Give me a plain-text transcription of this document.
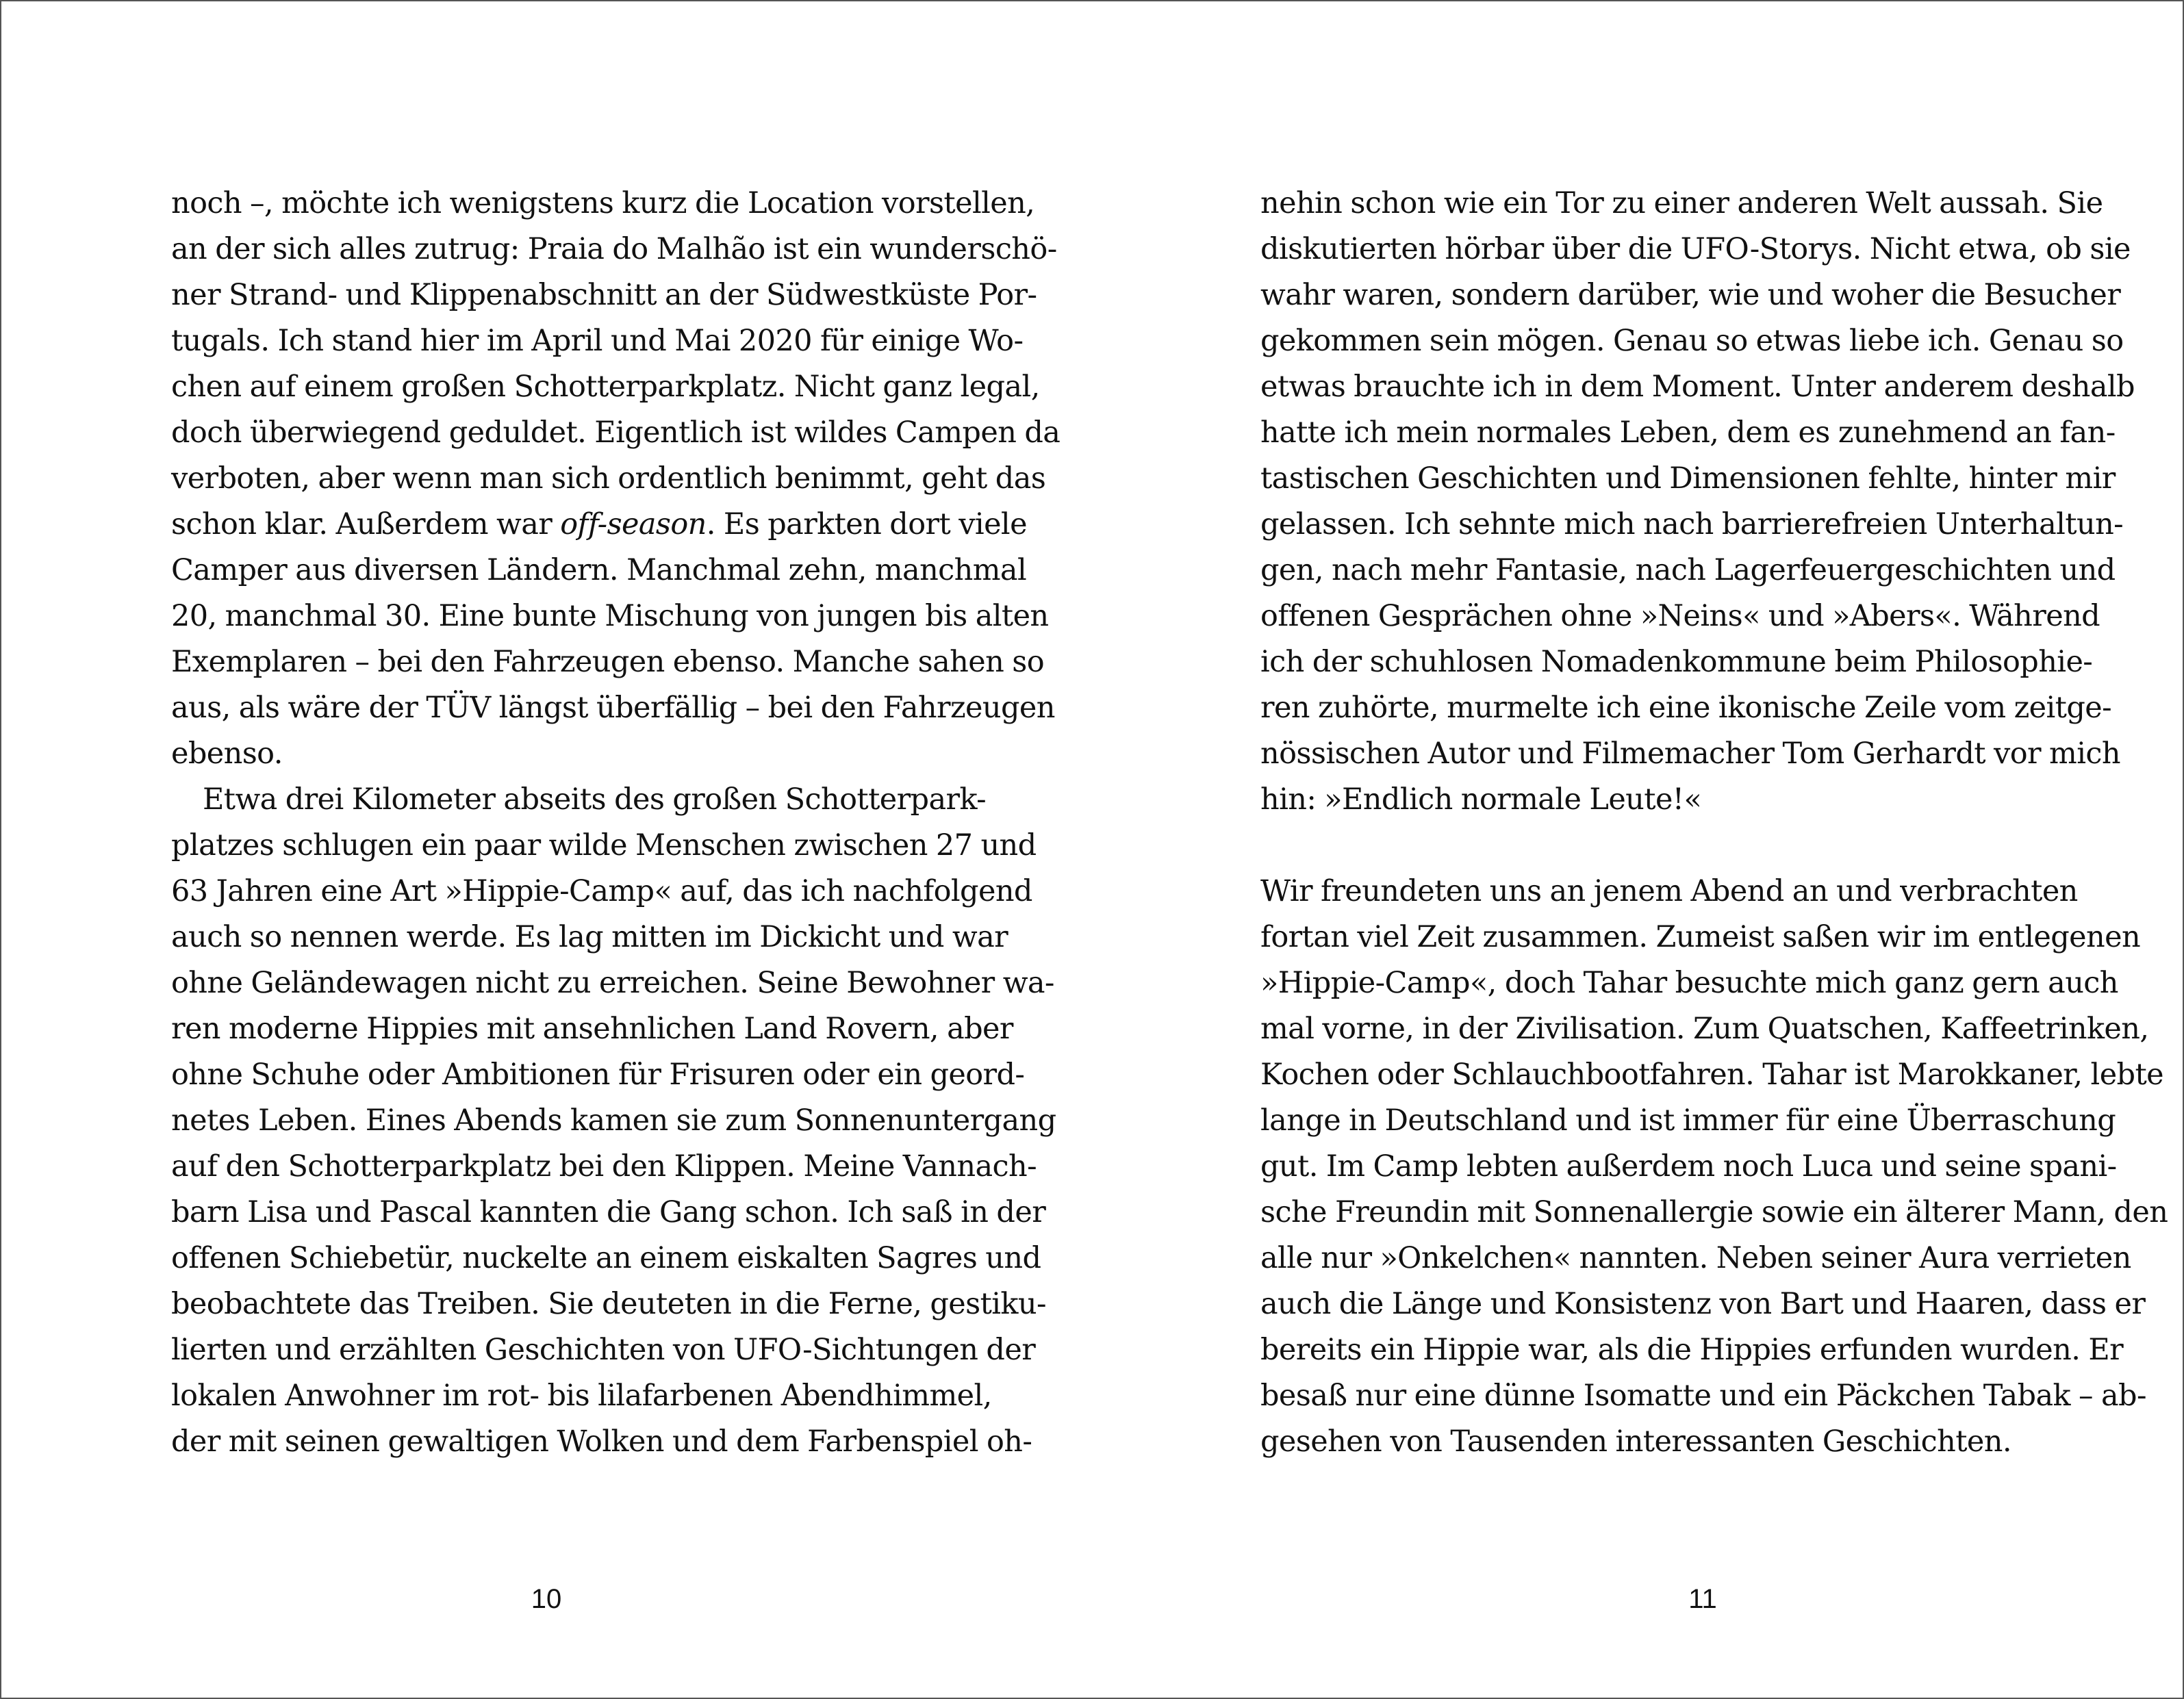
noch –, möchte ich wenigstens kurz die Location vorstellen,
an der sich alles zutrug: Praia do Malhão ist ein wunderschö-
ner Strand- und Klippenabschnitt an der Südwestküste Por-
tugals. Ich stand hier im April und Mai 2020 für einige Wo-
chen auf einem großen Schotterparkplatz. Nicht ganz legal,
doch überwiegend geduldet. Eigentlich ist wildes Campen da
verboten, aber wenn man sich ordentlich benimmt, geht das
schon klar. Außerdem war off-season. Es parkten dort viele
Camper aus diversen Ländern. Manchmal zehn, manchmal
20, manchmal 30. Eine bunte Mischung von jungen bis alten
Exemplaren – bei den Fahrzeugen ebenso. Manche sahen so
aus, als wäre der TÜV längst überfällig – bei den Fahrzeugen
ebenso.
Etwa drei Kilometer abseits des großen Schotterpark-
platzes schlugen ein paar wilde Menschen zwischen 27 und
63 Jahren eine Art »Hippie-Camp« auf, das ich nachfolgend
auch so nennen werde. Es lag mitten im Dickicht und war
ohne Geländewagen nicht zu erreichen. Seine Bewohner wa-
ren moderne Hippies mit ansehnlichen Land Rovern, aber
ohne Schuhe oder Ambitionen für Frisuren oder ein geord-
netes Leben. Eines Abends kamen sie zum Sonnenuntergang
auf den Schotterparkplatz bei den Klippen. Meine Vannach-
barn Lisa und Pascal kannten die Gang schon. Ich saß in der
offenen Schiebetür, nuckelte an einem eiskalten Sagres und
beobachtete das Treiben. Sie deuteten in die Ferne, gestiku-
lierten und erzählten Geschichten von UFO-Sichtungen der
lokalen Anwohner im rot- bis lilafarbenen Abendhimmel,
der mit seinen gewaltigen Wolken und dem Farbenspiel oh-
10
nehin schon wie ein Tor zu einer anderen Welt aussah. Sie
diskutierten hörbar über die UFO-Storys. Nicht etwa, ob sie
wahr waren, sondern darüber, wie und woher die Besucher
gekommen sein mögen. Genau so etwas liebe ich. Genau so
etwas brauchte ich in dem Moment. Unter anderem deshalb
hatte ich mein normales Leben, dem es zunehmend an fan-
tastischen Geschichten und Dimensionen fehlte, hinter mir
gelassen. Ich sehnte mich nach barrierefreien Unterhaltun-
gen, nach mehr Fantasie, nach Lagerfeuergeschichten und
offenen Gesprächen ohne »Neins« und »Abers«. Während
ich der schuhlosen Nomadenkommune beim Philosophie-
ren zuhörte, murmelte ich eine ikonische Zeile vom zeitge-
nössischen Autor und Filmemacher Tom Gerhardt vor mich
hin: »Endlich normale Leute!«
Wir freundeten uns an jenem Abend an und verbrachten
fortan viel Zeit zusammen. Zumeist saßen wir im entlegenen
»Hippie-Camp«, doch Tahar besuchte mich ganz gern auch
mal vorne, in der Zivilisation. Zum Quatschen, Kaffeetrinken,
Kochen oder Schlauchbootfahren. Tahar ist Marokkaner, lebte
lange in Deutschland und ist immer für eine Überraschung
gut. Im Camp lebten außerdem noch Luca und seine spani-
sche Freundin mit Sonnenallergie sowie ein älterer Mann, den
alle nur »Onkelchen« nannten. Neben seiner Aura verrieten
auch die Länge und Konsistenz von Bart und Haaren, dass er
bereits ein Hippie war, als die Hippies erfunden wurden. Er
besaß nur eine dünne Isomatte und ein Päckchen Tabak – ab-
gesehen von Tausenden interessanten Geschichten.
11
